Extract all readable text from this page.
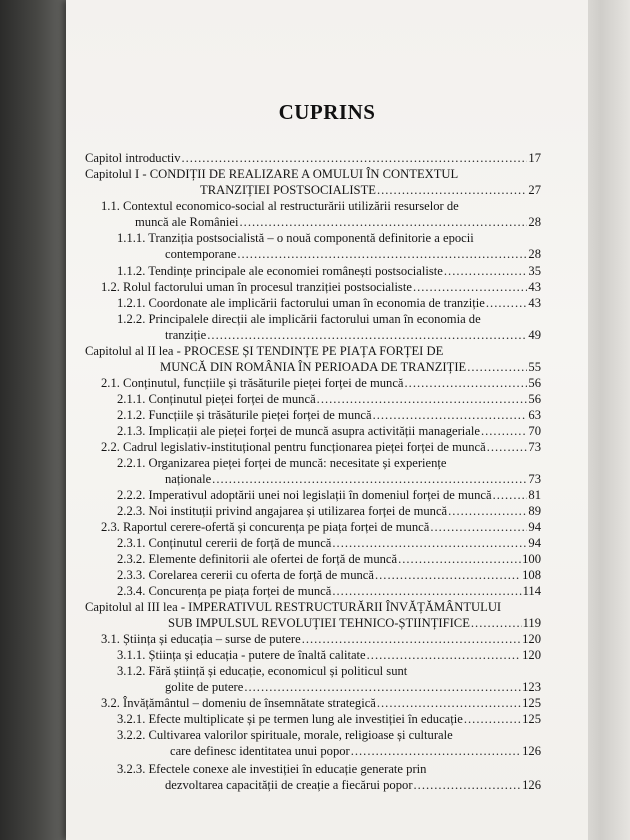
CUPRINS
Capitol introductiv .....	17
Capitolul I - CONDIȚII DE REALIZARE A OMULUI ÎN CONTEXTUL
TRANZIȚIEI POSTSOCIALISTE .....	27
1.1. Contextul economico-social al restructurării utilizării resurselor de
muncă ale României .....	28
1.1.1. Tranziția postsocialistă – o nouă componentă definitorie a epocii
contemporane .....	28
1.1.2. Tendințe principale ale economiei românești postsocialiste .....	35
1.2. Rolul factorului uman în procesul tranziției postsocialiste .....	43
1.2.1. Coordonate ale implicării factorului uman în economia de tranziție .....	43
1.2.2. Principalele direcții ale implicării factorului uman în economia de
tranziție .....	49
Capitolul al II lea - PROCESE ȘI TENDINȚE PE PIAȚA FORȚEI DE
MUNCĂ DIN ROMÂNIA ÎN PERIOADA DE TRANZIȚIE .....	55
2.1. Conținutul, funcțiile și trăsăturile pieței forței de muncă .....	56
2.1.1. Conținutul pieței forței de muncă .....	56
2.1.2. Funcțiile și trăsăturile pieței forței de muncă .....	63
2.1.3. Implicații ale pieței forței de muncă asupra activității manageriale .....	70
2.2. Cadrul legislativ-instituțional pentru funcționarea pieței forței de muncă .....	73
2.2.1. Organizarea pieței forței de muncă: necesitate și experiențe
naționale .....	73
2.2.2. Imperativul adoptării unei noi legislații în domeniul forței de muncă .....	81
2.2.3. Noi instituții privind angajarea și utilizarea forței de muncă .....	89
2.3. Raportul cerere-ofertă și concurența pe piața forței de muncă .....	94
2.3.1. Conținutul cererii de forță de muncă .....	94
2.3.2. Elemente definitorii ale ofertei de forță de muncă .....	100
2.3.3. Corelarea cererii cu oferta de forță de muncă .....	108
2.3.4. Concurența pe piața forței de muncă .....	114
Capitolul al III lea - IMPERATIVUL RESTRUCTURĂRII ÎNVĂȚĂMÂNTULUI
SUB IMPULSUL REVOLUȚIEI TEHNICO-ȘTIINȚIFICE .....	119
3.1. Știința și educația – surse de putere .....	120
3.1.1. Știința și educația - putere de înaltă calitate .....	120
3.1.2. Fără știință și educație, economicul și politicul sunt
golite de putere .....	123
3.2. Învățământul – domeniu de însemnătate strategică .....	125
3.2.1. Efecte multiplicate și pe termen lung ale investiției în educație .....	125
3.2.2. Cultivarea valorilor spirituale, morale, religioase și culturale
care definesc identitatea unui popor .....	126
3.2.3. Efectele conexe ale investiției în educație generate prin
dezvoltarea capacității de creație a fiecărui popor .....	126
